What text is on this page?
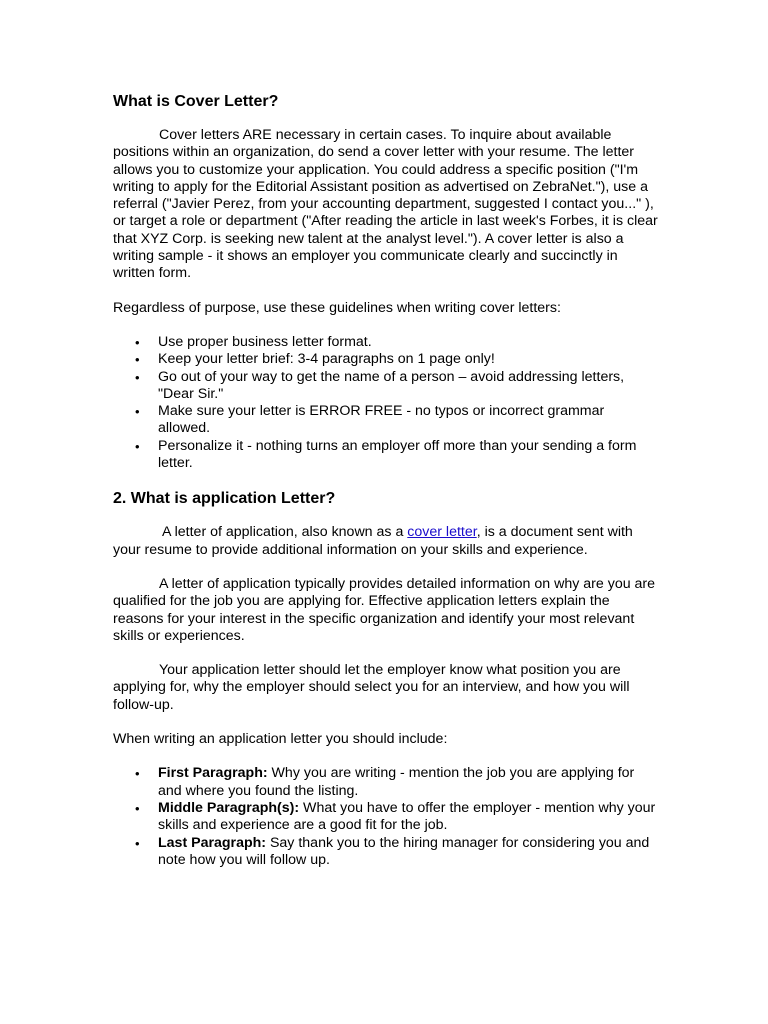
What is Cover Letter?

Cover letters ARE necessary in certain cases. To inquire about available positions within an organization, do send a cover letter with your resume. The letter allows you to customize your application. You could address a specific position ("I'm writing to apply for the Editorial Assistant position as advertised on ZebraNet."), use a referral ("Javier Perez, from your accounting department, suggested I contact you..." ), or target a role or department ("After reading the article in last week's Forbes, it is clear that XYZ Corp. is seeking new talent at the analyst level."). A cover letter is also a writing sample - it shows an employer you communicate clearly and succinctly in written form.

Regardless of purpose, use these guidelines when writing cover letters:

• Use proper business letter format.
• Keep your letter brief: 3-4 paragraphs on 1 page only!
• Go out of your way to get the name of a person – avoid addressing letters, "Dear Sir."
• Make sure your letter is ERROR FREE - no typos or incorrect grammar allowed.
• Personalize it - nothing turns an employer off more than your sending a form letter.
2. What is application Letter?

A letter of application, also known as a cover letter, is a document sent with your resume to provide additional information on your skills and experience.

A letter of application typically provides detailed information on why are you are qualified for the job you are applying for. Effective application letters explain the reasons for your interest in the specific organization and identify your most relevant skills or experiences.

Your application letter should let the employer know what position you are applying for, why the employer should select you for an interview, and how you will follow-up.

When writing an application letter you should include:

• First Paragraph: Why you are writing - mention the job you are applying for and where you found the listing.
• Middle Paragraph(s): What you have to offer the employer - mention why your skills and experience are a good fit for the job.
• Last Paragraph: Say thank you to the hiring manager for considering you and note how you will follow up.
